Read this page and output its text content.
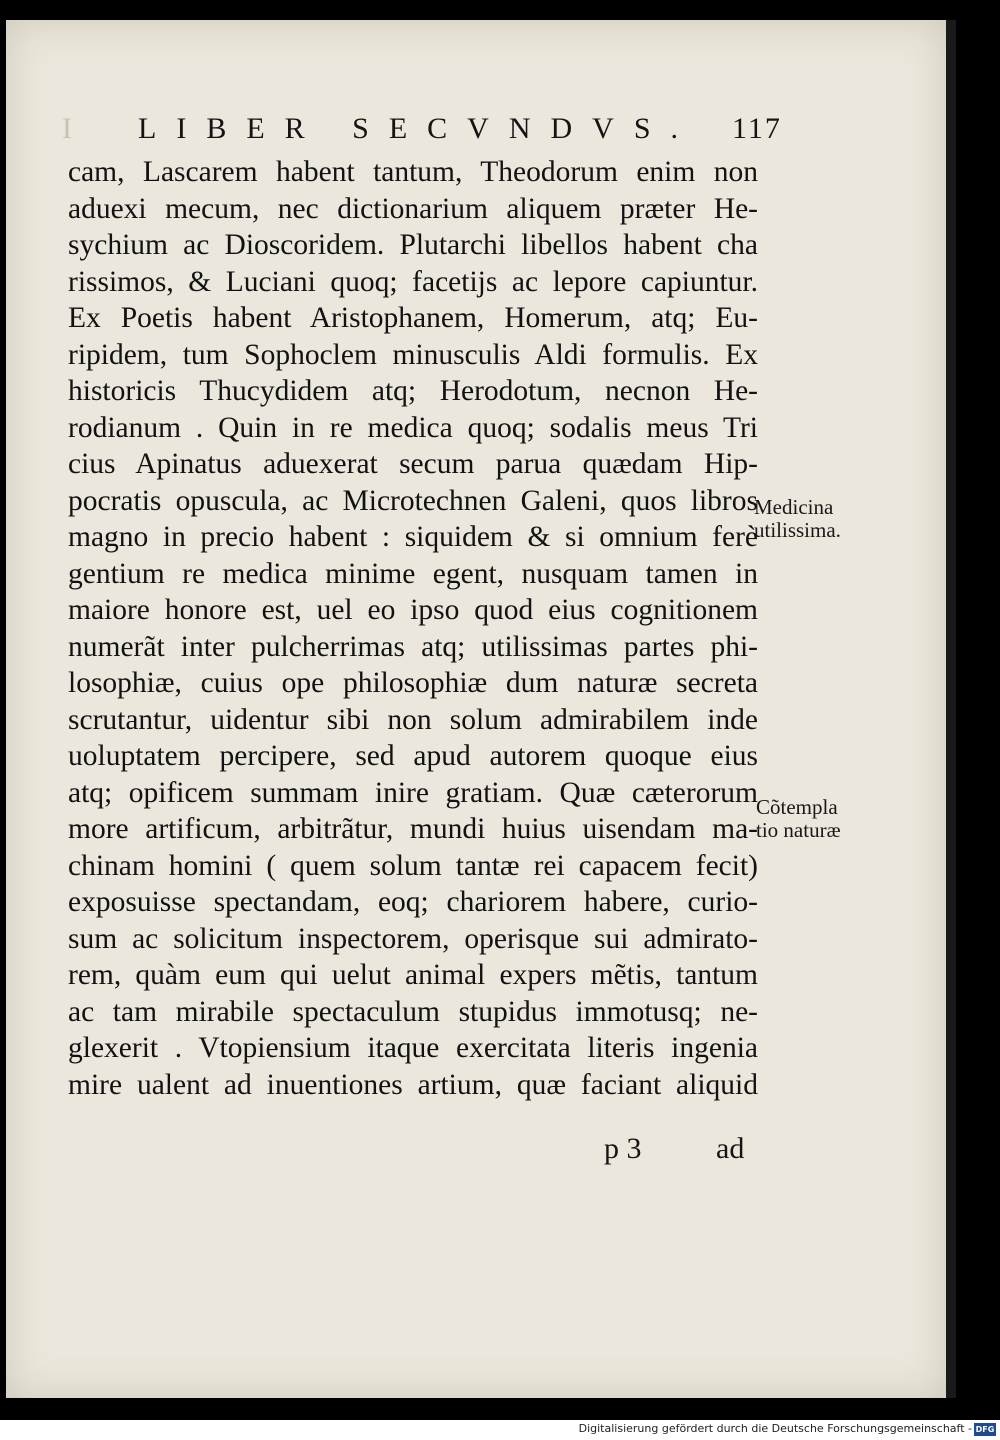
I LIBER SECVNDVS. 117
cam, Lascarem habent tantum, Theodorum enim non
aduexi mecum, nec dictionarium aliquem præter He-
sychium ac Dioscoridem. Plutarchi libellos habent cha
rissimos, & Luciani quoq; facetijs ac lepore capiuntur.
Ex Poetis habent Aristophanem, Homerum, atq; Eu-
ripidem, tum Sophoclem minusculis Aldi formulis. Ex
historicis Thucydidem atq; Herodotum, necnon He-
rodianum . Quin in re medica quoq; sodalis meus Tri
cius Apinatus aduexerat secum parua quædam Hip-
pocratis opuscula, ac Microtechnen Galeni, quos libros
magno in precio habent : siquidem & si omnium ferè
gentium re medica minime egent, nusquam tamen in
maiore honore est, uel eo ipso quod eius cognitionem
numerãt inter pulcherrimas atq; utilissimas partes phi-
losophiæ, cuius ope philosophiæ dum naturæ secreta
scrutantur, uidentur sibi non solum admirabilem inde
uoluptatem percipere, sed apud autorem quoque eius
atq; opificem summam inire gratiam. Quæ cæterorum
more artificum, arbitrãtur, mundi huius uisendam ma-
chinam homini ( quem solum tantæ rei capacem fecit)
exposuisse spectandam, eoq; chariorem habere, curio-
sum ac solicitum inspectorem, operisque sui admirato-
rem, quàm eum qui uelut animal expers mẽtis, tantum
ac tam mirabile spectaculum stupidus immotusq; ne-
glexerit . Vtopiensium itaque exercitata literis ingenia
mire ualent ad inuentiones artium, quæ faciant aliquid
Medicina
utilissima.
Cõtempla
tio naturæ
p 3 ad
Digitalisierung gefördert durch die Deutsche Forschungsgemeinschaft - DFG
